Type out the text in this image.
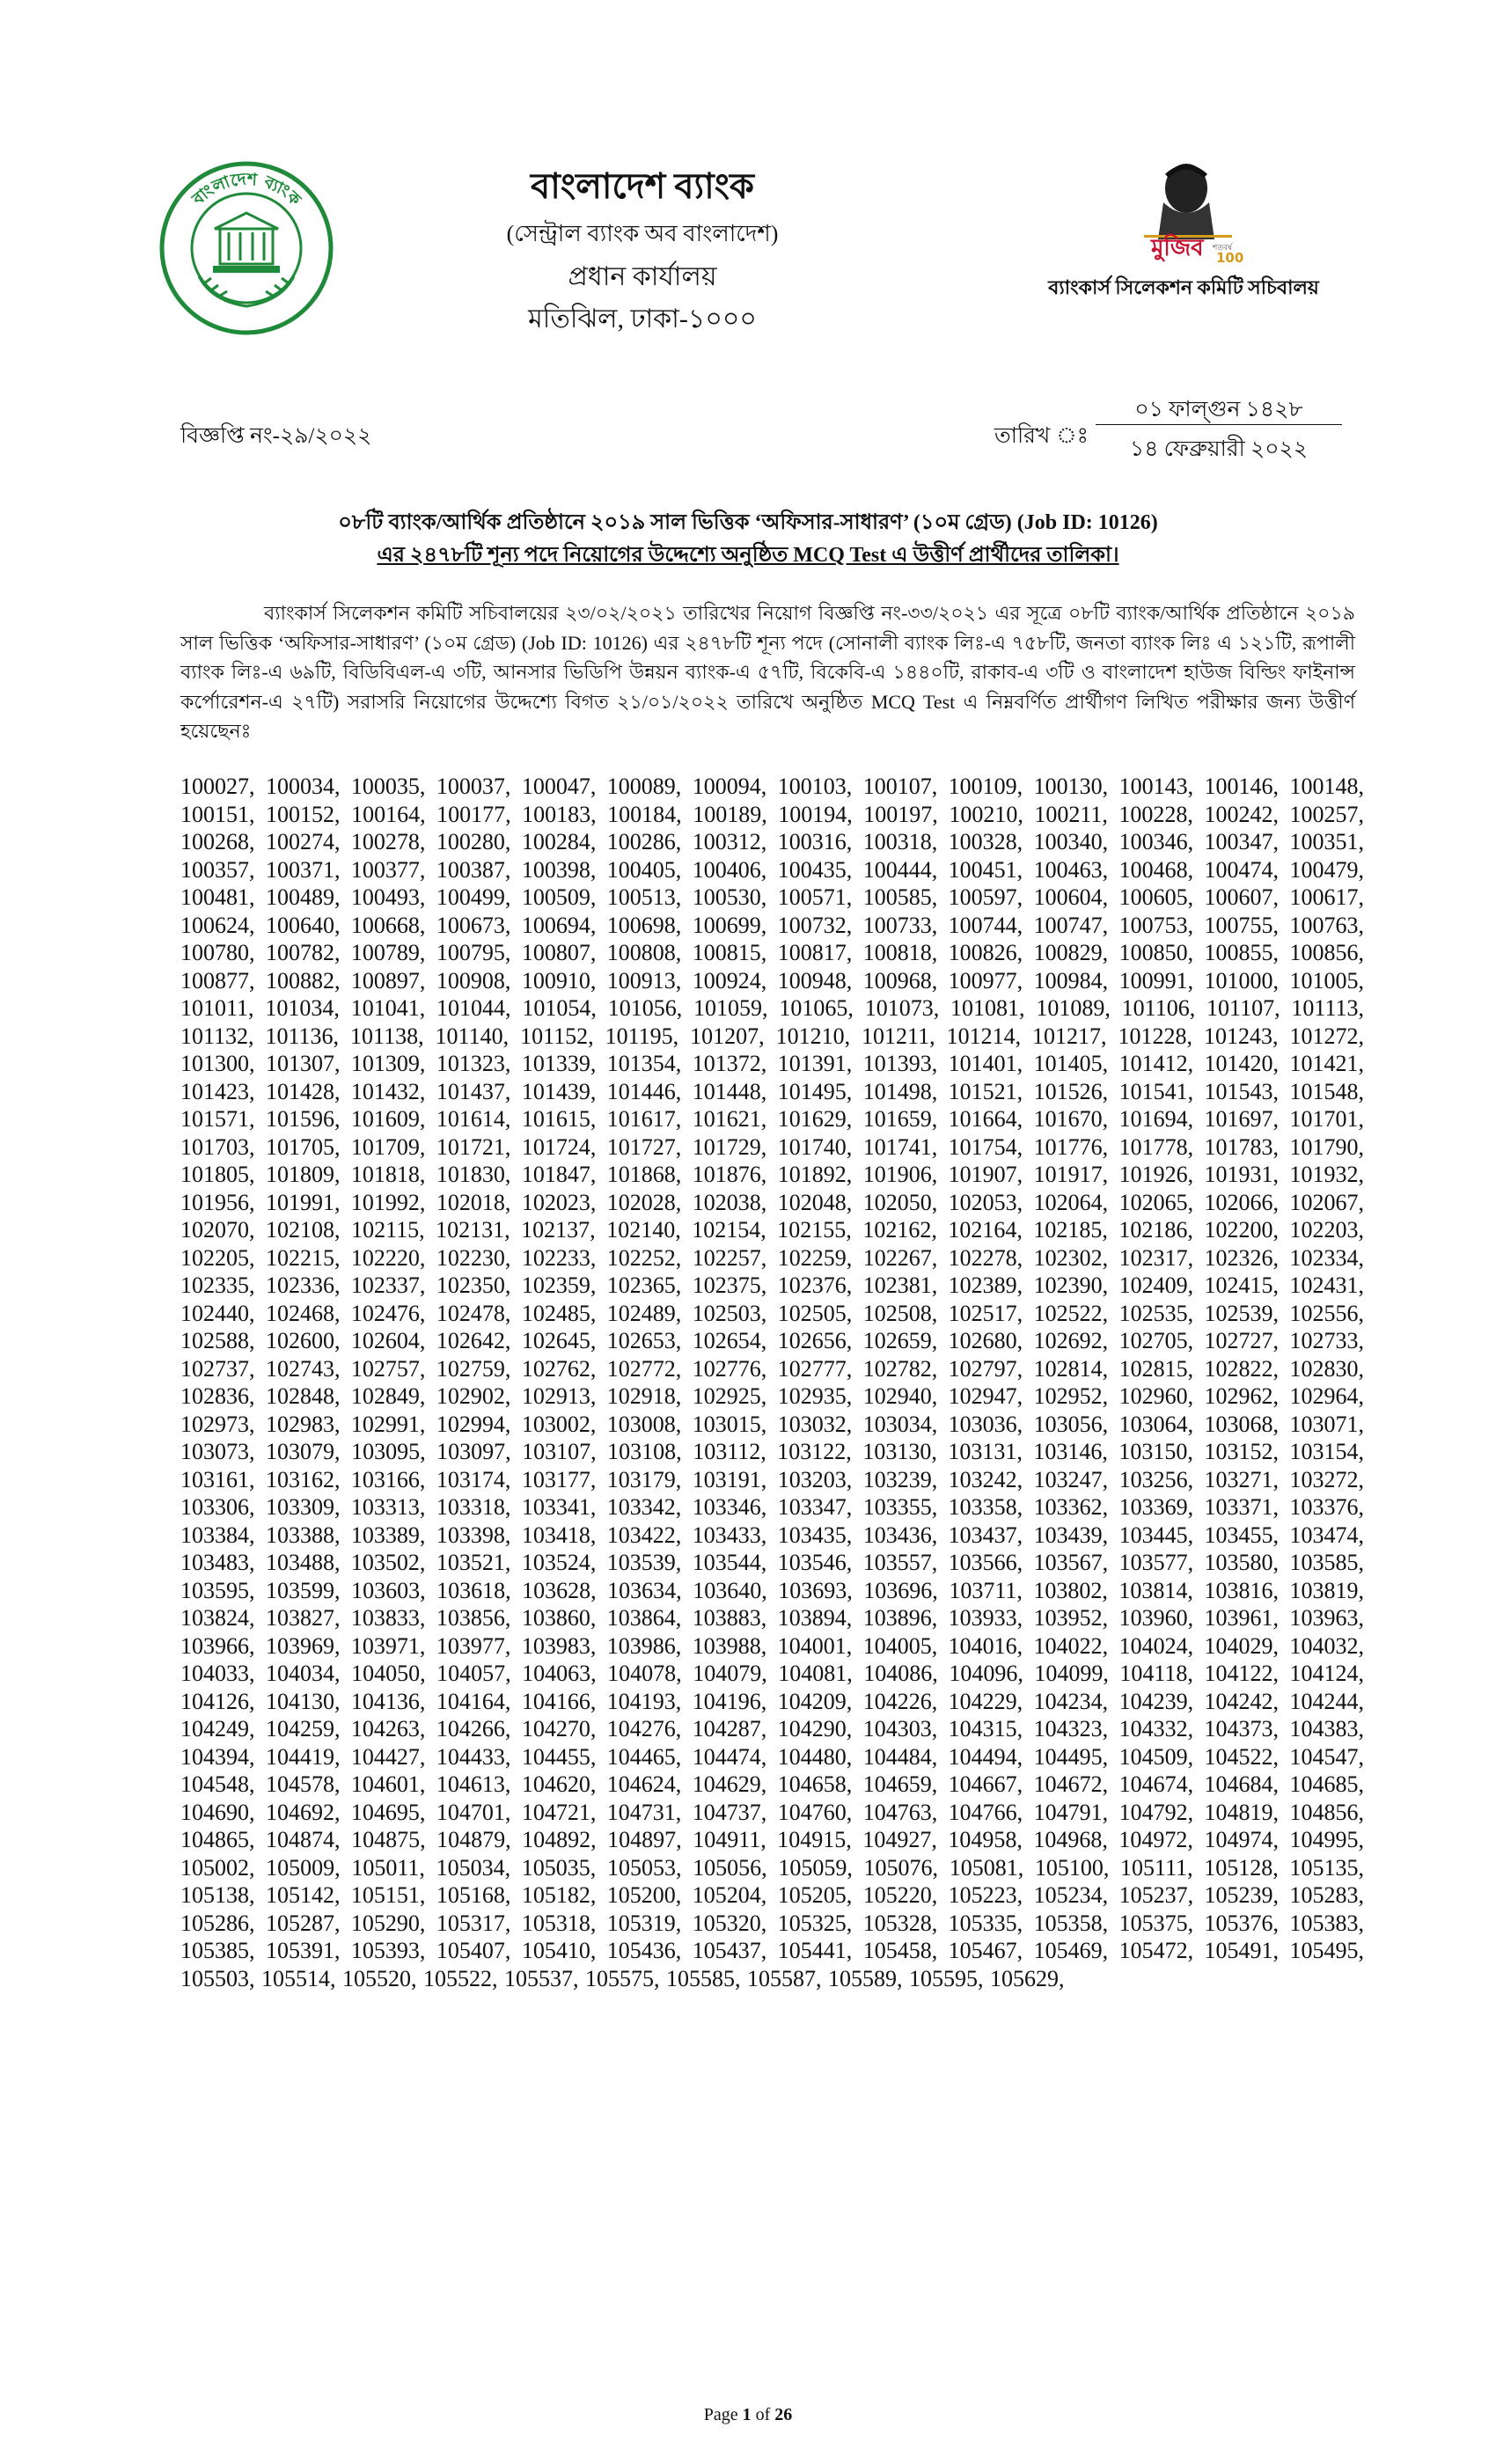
বাংলাদেশ ব্যাংক	বাংলাদেশ ব্যাংক
(সেন্ট্রাল ব্যাংক অব বাংলাদেশ)
প্রধান কার্যালয়
মতিঝিল, ঢাকা-১০০০
মুজিব শতবর্ষ
100
ব্যাংকার্স সিলেকশন কমিটি সচিবালয়
বিজ্ঞপ্তি নং-২৯/২০২২	তারিখ ঃ
০১ ফাল্গুন ১৪২৮
১৪ ফেব্রুয়ারী ২০২২
০৮টি ব্যাংক/আর্থিক প্রতিষ্ঠানে ২০১৯ সাল ভিত্তিক ‘অফিসার-সাধারণ’ (১০ম গ্রেড) (Job ID: 10126)
এর ২৪৭৮টি শূন্য পদে নিয়োগের উদ্দেশ্যে অনুষ্ঠিত MCQ Test এ উত্তীর্ণ প্রার্থীদের তালিকা।

ব্যাংকার্স সিলেকশন কমিটি সচিবালয়ের ২৩/০২/২০২১ তারিখের নিয়োগ বিজ্ঞপ্তি নং-৩৩/২০২১ এর সূত্রে ০৮টি ব্যাংক/আর্থিক প্রতিষ্ঠানে ২০১৯ সাল ভিত্তিক ‘অফিসার-সাধারণ’ (১০ম গ্রেড) (Job ID: 10126) এর ২৪৭৮টি শূন্য পদে (সোনালী ব্যাংক লিঃ-এ ৭৫৮টি, জনতা ব্যাংক লিঃ এ ১২১টি, রূপালী ব্যাংক লিঃ-এ ৬৯টি, বিডিবিএল-এ ৩টি, আনসার ভিডিপি উন্নয়ন ব্যাংক-এ ৫৭টি, বিকেবি-এ ১৪৪০টি, রাকাব-এ ৩টি ও বাংলাদেশ হাউজ বিল্ডিং ফাইনান্স কর্পোরেশন-এ ২৭টি) সরাসরি নিয়োগের উদ্দেশ্যে বিগত ২১/০১/২০২২ তারিখে অনুষ্ঠিত MCQ Test এ নিম্নবর্ণিত প্রার্থীগণ লিখিত পরীক্ষার জন্য উত্তীর্ণ হয়েছেনঃ

100027, 100034, 100035, 100037, 100047, 100089, 100094, 100103, 100107, 100109, 100130, 100143, 100146, 100148, 100151, 100152, 100164, 100177, 100183, 100184, 100189, 100194, 100197, 100210, 100211, 100228, 100242, 100257, 100268, 100274, 100278, 100280, 100284, 100286, 100312, 100316, 100318, 100328, 100340, 100346, 100347, 100351, 100357, 100371, 100377, 100387, 100398, 100405, 100406, 100435, 100444, 100451, 100463, 100468, 100474, 100479, 100481, 100489, 100493, 100499, 100509, 100513, 100530, 100571, 100585, 100597, 100604, 100605, 100607, 100617, 100624, 100640, 100668, 100673, 100694, 100698, 100699, 100732, 100733, 100744, 100747, 100753, 100755, 100763, 100780, 100782, 100789, 100795, 100807, 100808, 100815, 100817, 100818, 100826, 100829, 100850, 100855, 100856, 100877, 100882, 100897, 100908, 100910, 100913, 100924, 100948, 100968, 100977, 100984, 100991, 101000, 101005, 101011, 101034, 101041, 101044, 101054, 101056, 101059, 101065, 101073, 101081, 101089, 101106, 101107, 101113, 101132, 101136, 101138, 101140, 101152, 101195, 101207, 101210, 101211, 101214, 101217, 101228, 101243, 101272, 101300, 101307, 101309, 101323, 101339, 101354, 101372, 101391, 101393, 101401, 101405, 101412, 101420, 101421, 101423, 101428, 101432, 101437, 101439, 101446, 101448, 101495, 101498, 101521, 101526, 101541, 101543, 101548, 101571, 101596, 101609, 101614, 101615, 101617, 101621, 101629, 101659, 101664, 101670, 101694, 101697, 101701, 101703, 101705, 101709, 101721, 101724, 101727, 101729, 101740, 101741, 101754, 101776, 101778, 101783, 101790, 101805, 101809, 101818, 101830, 101847, 101868, 101876, 101892, 101906, 101907, 101917, 101926, 101931, 101932, 101956, 101991, 101992, 102018, 102023, 102028, 102038, 102048, 102050, 102053, 102064, 102065, 102066, 102067, 102070, 102108, 102115, 102131, 102137, 102140, 102154, 102155, 102162, 102164, 102185, 102186, 102200, 102203, 102205, 102215, 102220, 102230, 102233, 102252, 102257, 102259, 102267, 102278, 102302, 102317, 102326, 102334, 102335, 102336, 102337, 102350, 102359, 102365, 102375, 102376, 102381, 102389, 102390, 102409, 102415, 102431, 102440, 102468, 102476, 102478, 102485, 102489, 102503, 102505, 102508, 102517, 102522, 102535, 102539, 102556, 102588, 102600, 102604, 102642, 102645, 102653, 102654, 102656, 102659, 102680, 102692, 102705, 102727, 102733, 102737, 102743, 102757, 102759, 102762, 102772, 102776, 102777, 102782, 102797, 102814, 102815, 102822, 102830, 102836, 102848, 102849, 102902, 102913, 102918, 102925, 102935, 102940, 102947, 102952, 102960, 102962, 102964, 102973, 102983, 102991, 102994, 103002, 103008, 103015, 103032, 103034, 103036, 103056, 103064, 103068, 103071, 103073, 103079, 103095, 103097, 103107, 103108, 103112, 103122, 103130, 103131, 103146, 103150, 103152, 103154, 103161, 103162, 103166, 103174, 103177, 103179, 103191, 103203, 103239, 103242, 103247, 103256, 103271, 103272, 103306, 103309, 103313, 103318, 103341, 103342, 103346, 103347, 103355, 103358, 103362, 103369, 103371, 103376, 103384, 103388, 103389, 103398, 103418, 103422, 103433, 103435, 103436, 103437, 103439, 103445, 103455, 103474, 103483, 103488, 103502, 103521, 103524, 103539, 103544, 103546, 103557, 103566, 103567, 103577, 103580, 103585, 103595, 103599, 103603, 103618, 103628, 103634, 103640, 103693, 103696, 103711, 103802, 103814, 103816, 103819, 103824, 103827, 103833, 103856, 103860, 103864, 103883, 103894, 103896, 103933, 103952, 103960, 103961, 103963, 103966, 103969, 103971, 103977, 103983, 103986, 103988, 104001, 104005, 104016, 104022, 104024, 104029, 104032, 104033, 104034, 104050, 104057, 104063, 104078, 104079, 104081, 104086, 104096, 104099, 104118, 104122, 104124, 104126, 104130, 104136, 104164, 104166, 104193, 104196, 104209, 104226, 104229, 104234, 104239, 104242, 104244, 104249, 104259, 104263, 104266, 104270, 104276, 104287, 104290, 104303, 104315, 104323, 104332, 104373, 104383, 104394, 104419, 104427, 104433, 104455, 104465, 104474, 104480, 104484, 104494, 104495, 104509, 104522, 104547, 104548, 104578, 104601, 104613, 104620, 104624, 104629, 104658, 104659, 104667, 104672, 104674, 104684, 104685, 104690, 104692, 104695, 104701, 104721, 104731, 104737, 104760, 104763, 104766, 104791, 104792, 104819, 104856, 104865, 104874, 104875, 104879, 104892, 104897, 104911, 104915, 104927, 104958, 104968, 104972, 104974, 104995, 105002, 105009, 105011, 105034, 105035, 105053, 105056, 105059, 105076, 105081, 105100, 105111, 105128, 105135, 105138, 105142, 105151, 105168, 105182, 105200, 105204, 105205, 105220, 105223, 105234, 105237, 105239, 105283, 105286, 105287, 105290, 105317, 105318, 105319, 105320, 105325, 105328, 105335, 105358, 105375, 105376, 105383, 105385, 105391, 105393, 105407, 105410, 105436, 105437, 105441, 105458, 105467, 105469, 105472, 105491, 105495, 105503, 105514, 105520, 105522, 105537, 105575, 105585, 105587, 105589, 105595, 105629,

Page 1 of 26
